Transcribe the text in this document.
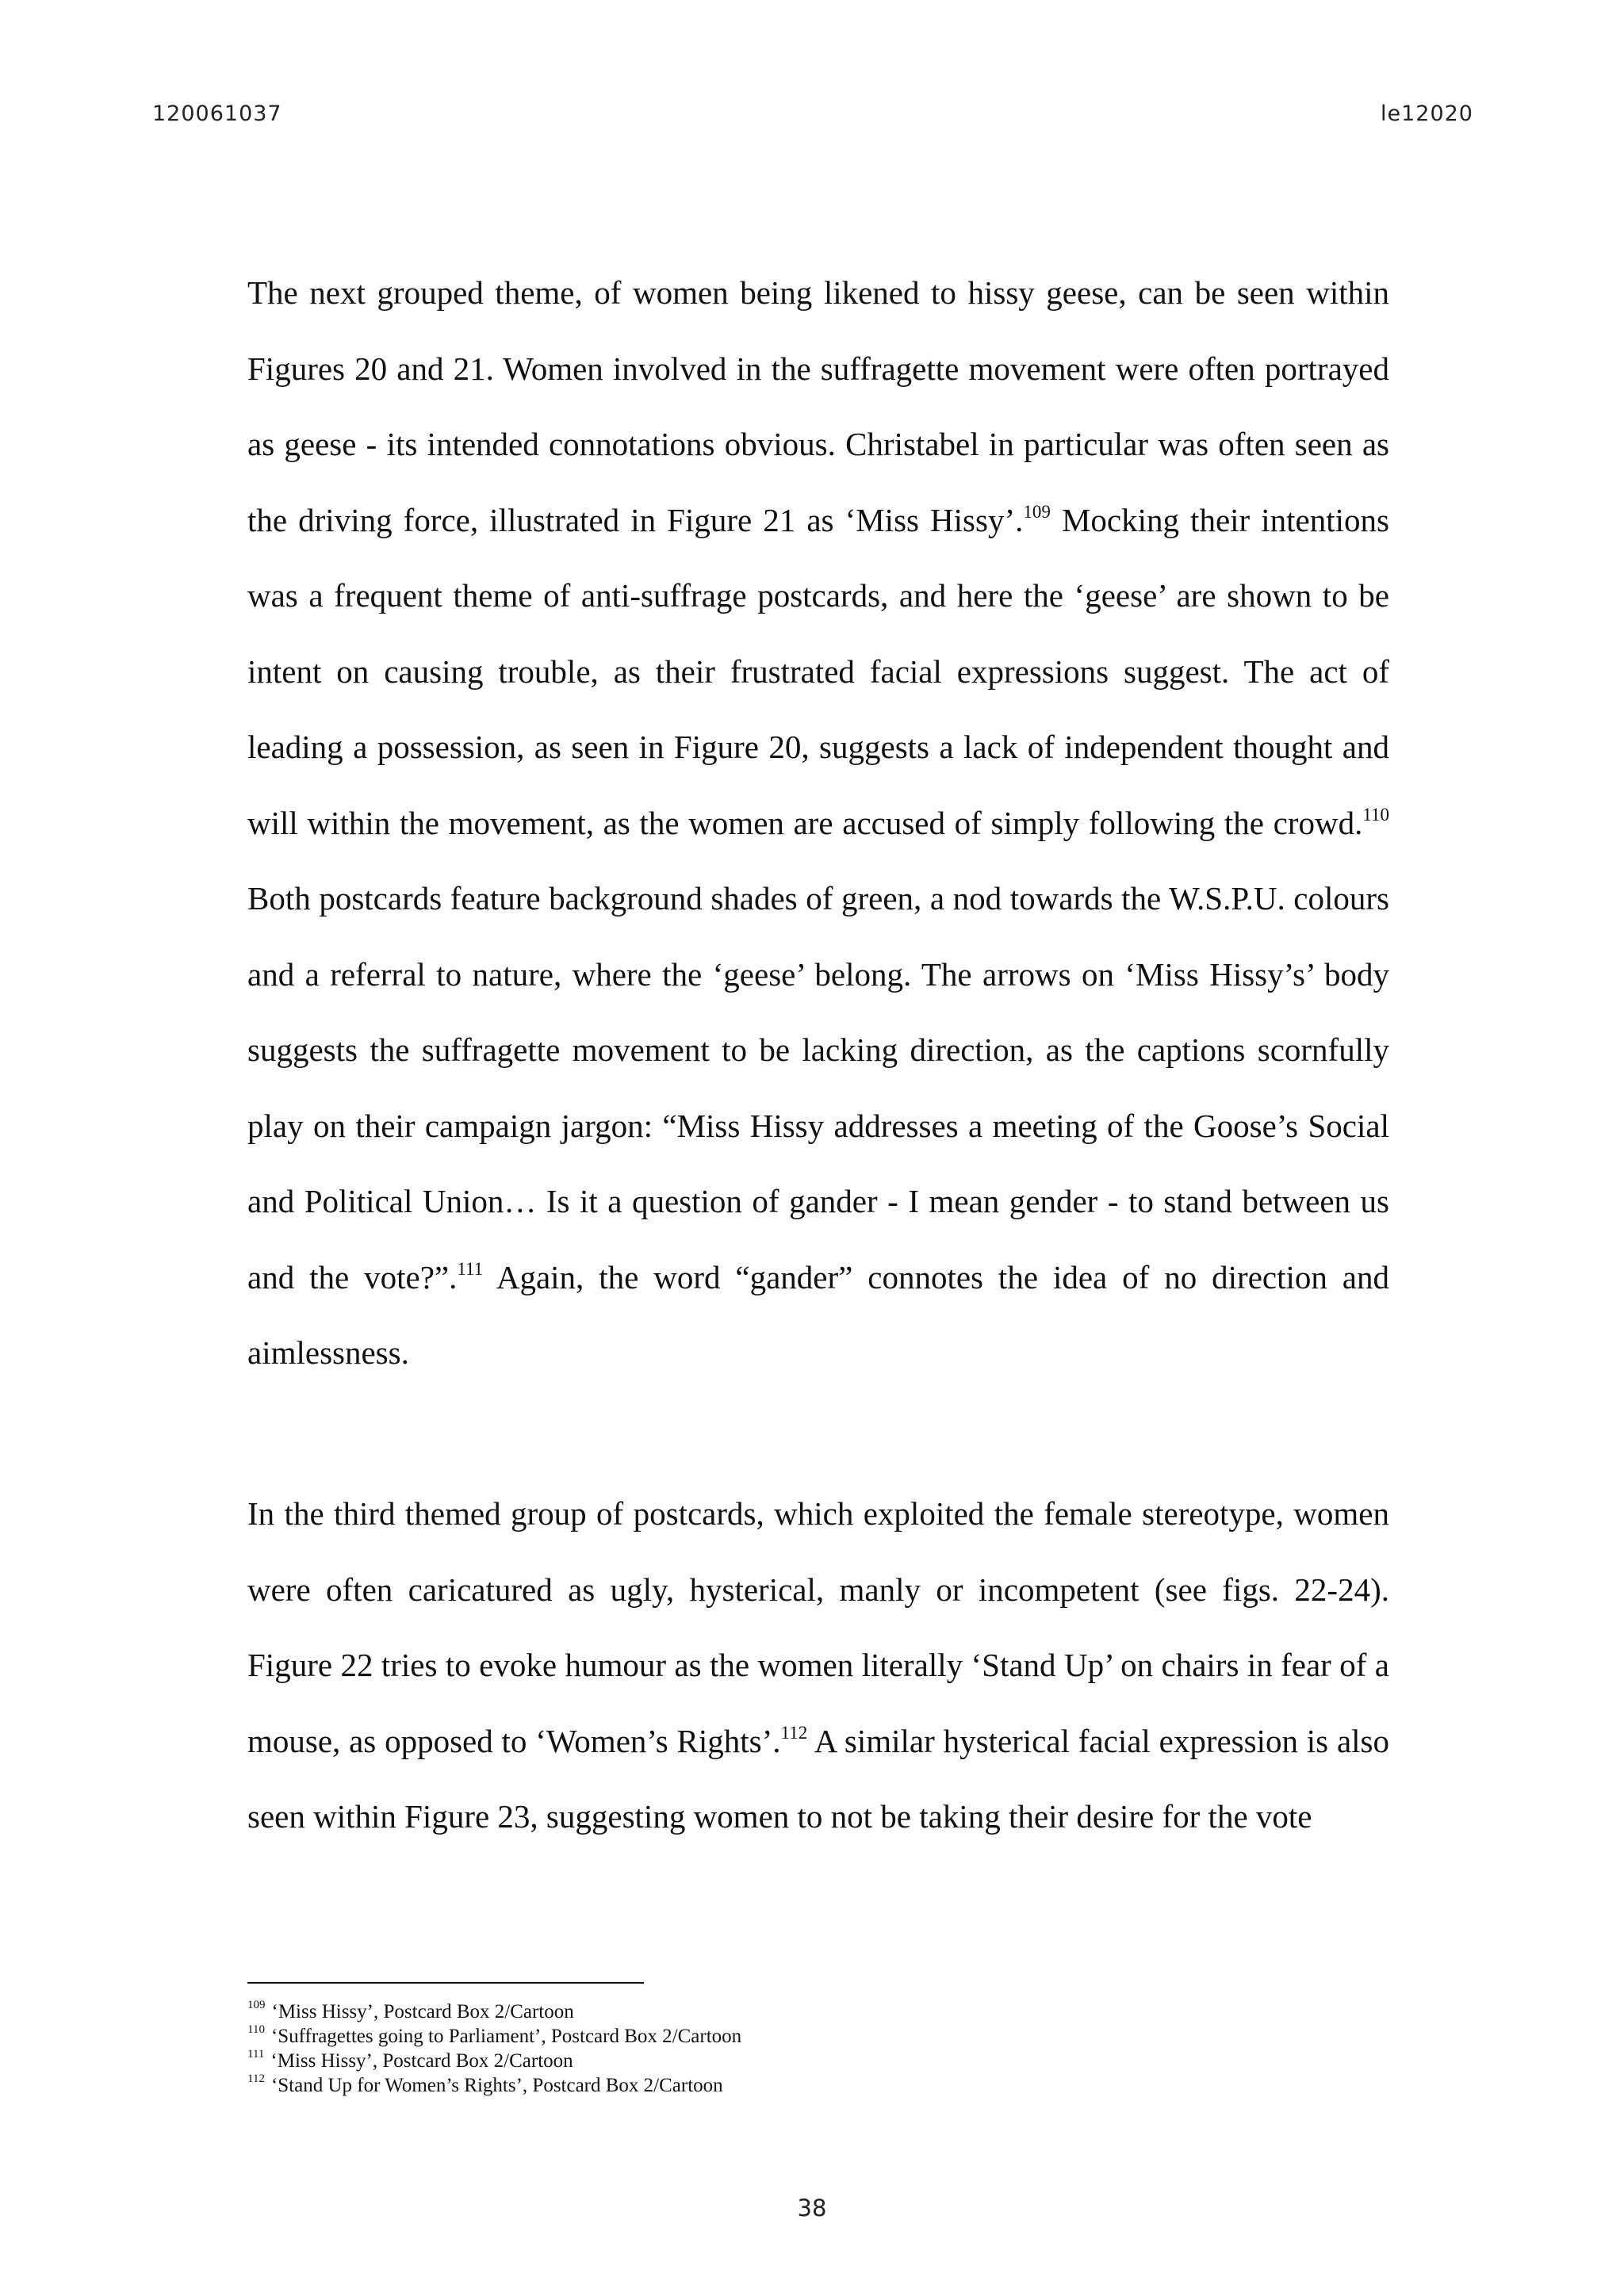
120061037	le12020

The next grouped theme, of women being likened to hissy geese, can be seen within Figures 20 and 21. Women involved in the suffragette movement were often portrayed as geese - its intended connotations obvious. Christabel in particular was often seen as the driving force, illustrated in Figure 21 as ‘Miss Hissy’.$^{109}$ Mocking their intentions was a frequent theme of anti-suffrage postcards, and here the ‘geese’ are shown to be intent on causing trouble, as their frustrated facial expressions suggest. The act of leading a possession, as seen in Figure 20, suggests a lack of independent thought and will within the movement, as the women are accused of simply following the crowd.$^{110}$ Both postcards feature background shades of green, a nod towards the W.S.P.U. colours and a referral to nature, where the ‘geese’ belong. The arrows on ‘Miss Hissy’s’ body suggests the suffragette movement to be lacking direction, as the captions scornfully play on their campaign jargon: “Miss Hissy addresses a meeting of the Goose’s Social and Political Union… Is it a question of gander - I mean gender - to stand between us and the vote?”.$^{111}$ Again, the word “gander” connotes the idea of no direction and aimlessness.

In the third themed group of postcards, which exploited the female stereotype, women were often caricatured as ugly, hysterical, manly or incompetent (see figs. 22-24). Figure 22 tries to evoke humour as the women literally ‘Stand Up’ on chairs in fear of a mouse, as opposed to ‘Women’s Rights’.$^{112}$ A similar hysterical facial expression is also seen within Figure 23, suggesting women to not be taking their desire for the vote

$^{109}$ ‘Miss Hissy’, Postcard Box 2/Cartoon
$^{110}$ ‘Suffragettes going to Parliament’, Postcard Box 2/Cartoon
$^{111}$ ‘Miss Hissy’, Postcard Box 2/Cartoon
$^{112}$ ‘Stand Up for Women’s Rights’, Postcard Box 2/Cartoon
38
